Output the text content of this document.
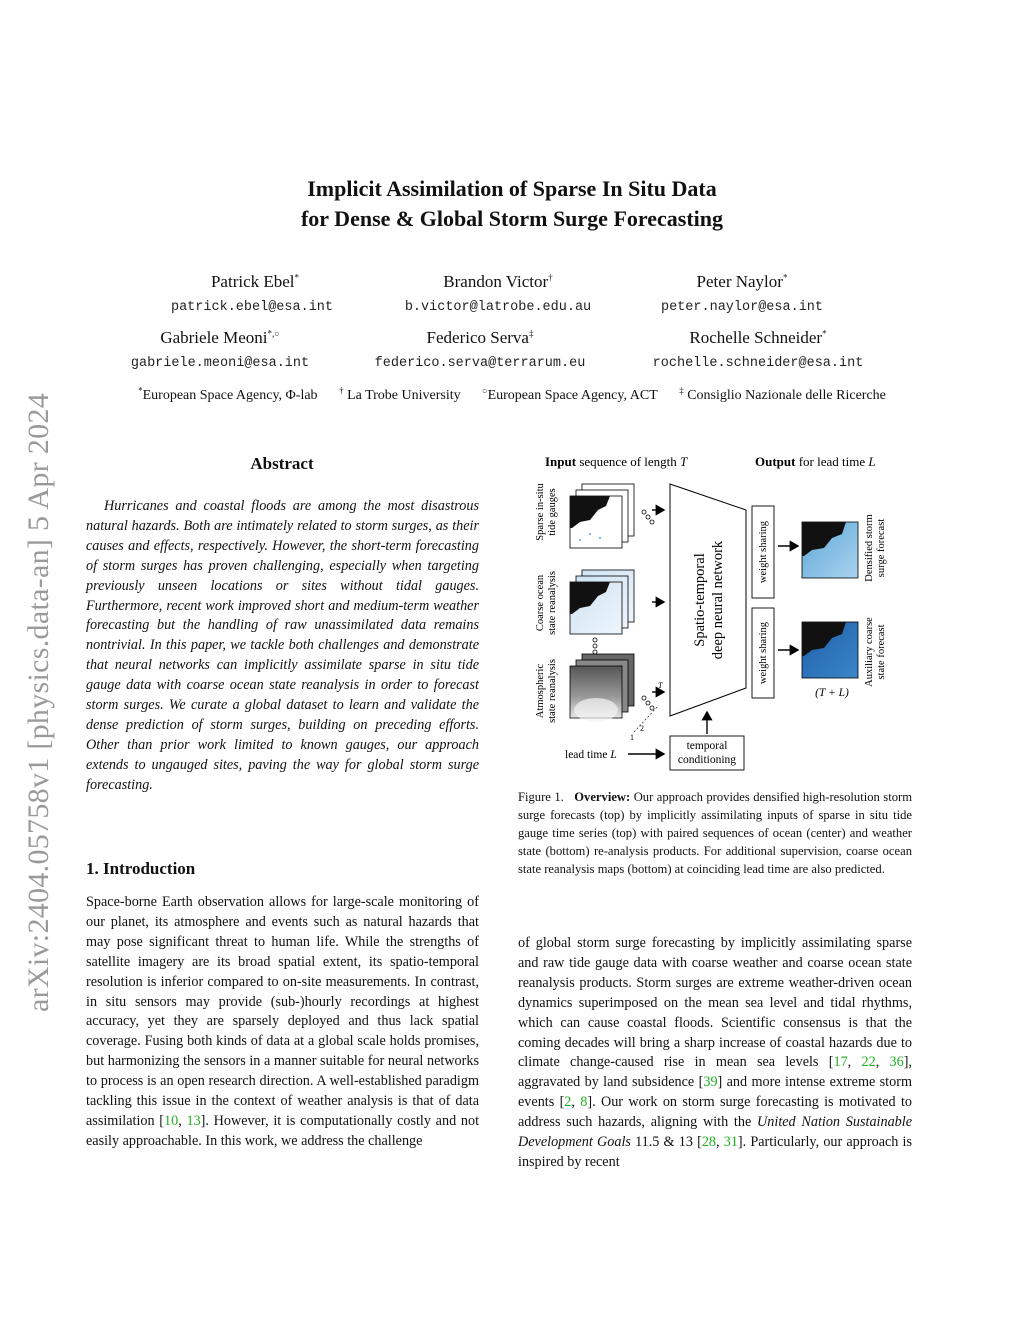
arXiv:2404.05758v1 [physics.data-an] 5 Apr 2024
Implicit Assimilation of Sparse In Situ Data
for Dense & Global Storm Surge Forecasting
Patrick Ebel*
patrick.ebel@esa.int
Brandon Victor†
b.victor@latrobe.edu.au
Peter Naylor*
peter.naylor@esa.int
Gabriele Meoni*,○
gabriele.meoni@esa.int
Federico Serva‡
federico.serva@terrarum.eu
Rochelle Schneider*
rochelle.schneider@esa.int
*European Space Agency, Φ-lab † La Trobe University ○European Space Agency, ACT ‡ Consiglio Nazionale delle Ricerche
Abstract
Hurricanes and coastal floods are among the most disastrous natural hazards. Both are intimately related to storm surges, as their causes and effects, respectively. However, the short-term forecasting of storm surges has proven challenging, especially when targeting previously unseen locations or sites without tidal gauges. Furthermore, recent work improved short and medium-term weather forecasting but the handling of raw unassimilated data remains nontrivial. In this paper, we tackle both challenges and demonstrate that neural networks can implicitly assimilate sparse in situ tide gauge data with coarse ocean state reanalysis in order to forecast storm surges. We curate a global dataset to learn and validate the dense prediction of storm surges, building on preceding efforts. Other than prior work limited to known gauges, our approach extends to ungauged sites, paving the way for global storm surge forecasting.
1. Introduction
Space-borne Earth observation allows for large-scale monitoring of our planet, its atmosphere and events such as natural hazards that may pose significant threat to human life. While the strengths of satellite imagery are its broad spatial extent, its spatio-temporal resolution is inferior compared to on-site measurements. In contrast, in situ sensors may provide (sub-)hourly recordings at highest accuracy, yet they are sparsely deployed and thus lack spatial coverage. Fusing both kinds of data at a global scale holds promises, but harmonizing the sensors in a manner suitable for neural networks to process is an open research direction. A well-established paradigm tackling this issue in the context of weather analysis is that of data assimilation [10, 13]. However, it is computationally costly and not easily approachable. In this work, we address the challenge
of global storm surge forecasting by implicitly assimilating sparse and raw tide gauge data with coarse weather and coarse ocean state reanalysis products. Storm surges are extreme weather-driven ocean dynamics superimposed on the mean sea level and tidal rhythms, which can cause coastal floods. Scientific consensus is that the coming decades will bring a sharp increase of coastal hazards due to climate change-caused rise in mean sea levels [17, 22, 36], aggravated by land subsidence [39] and more intense extreme storm events [2, 8]. Our work on storm surge forecasting is motivated to address such hazards, aligning with the United Nation Sustainable Development Goals 11.5 & 13 [28, 31]. Particularly, our approach is inspired by recent
Input sequence of length T	Output for lead time L
Sparse in-situtide gauges
Coarse oceanstate reanalysis
Atmosphericstate reanalysis
1
2
T
Spatio-temporal deep neural network
lead time L
temporal
conditioning
weight sharing
weight sharing
(T + L)
Densified stormsurge forecast
Auxiliary coarsestate forecast
Figure 1. Overview: Our approach provides densified high-resolution storm surge forecasts (top) by implicitly assimilating inputs of sparse in situ tide gauge time series (top) with paired sequences of ocean (center) and weather state (bottom) re-analysis products. For additional supervision, coarse ocean state reanalysis maps (bottom) at coinciding lead time are also predicted.
